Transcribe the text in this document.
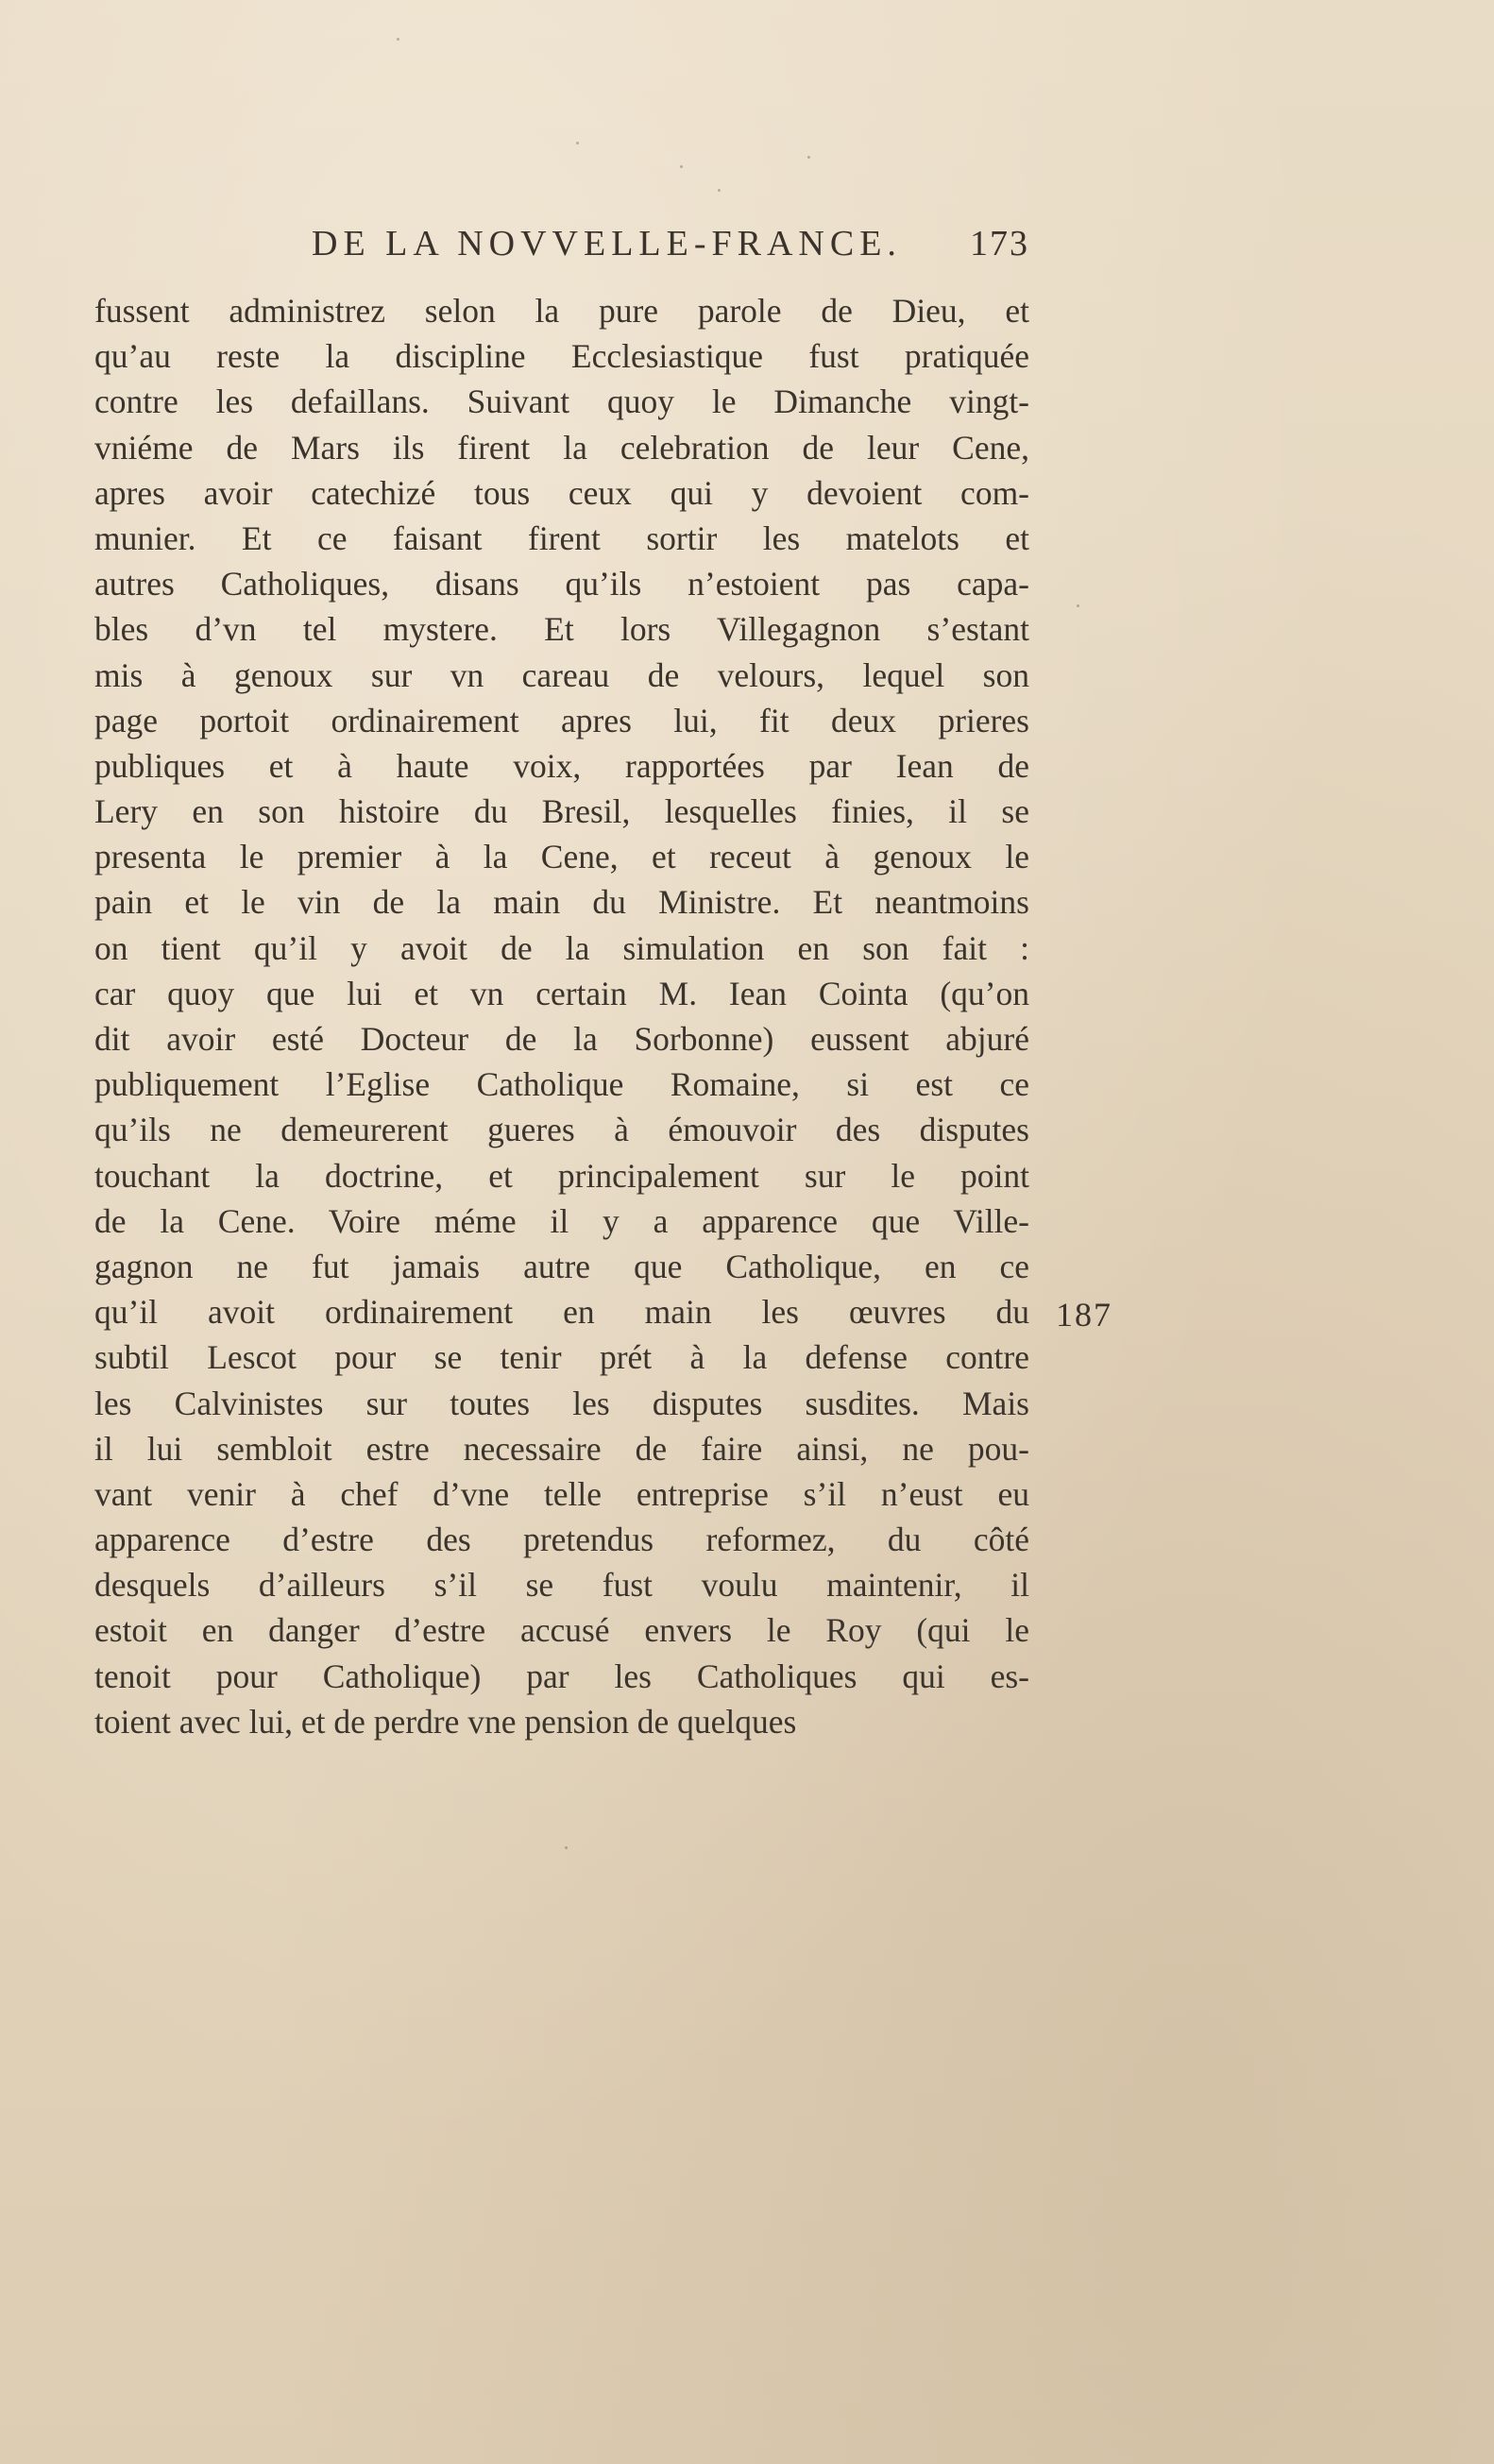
DE LA NOVVELLE-FRANCE. 173
fussent administrez selon la pure parole de Dieu, et
qu’au reste la discipline Ecclesiastique fust pratiquée
contre les defaillans. Suivant quoy le Dimanche vingt-
vniéme de Mars ils firent la celebration de leur Cene,
apres avoir catechizé tous ceux qui y devoient com-
munier. Et ce faisant firent sortir les matelots et
autres Catholiques, disans qu’ils n’estoient pas capa-
bles d’vn tel mystere. Et lors Villegagnon s’estant
mis à genoux sur vn careau de velours, lequel son
page portoit ordinairement apres lui, fit deux prieres
publiques et à haute voix, rapportées par Iean de
Lery en son histoire du Bresil, lesquelles finies, il se
presenta le premier à la Cene, et receut à genoux le
pain et le vin de la main du Ministre. Et neantmoins
on tient qu’il y avoit de la simulation en son fait :
car quoy que lui et vn certain M. Iean Cointa (qu’on
dit avoir esté Docteur de la Sorbonne) eussent abjuré
publiquement l’Eglise Catholique Romaine, si est ce
qu’ils ne demeurerent gueres à émouvoir des disputes
touchant la doctrine, et principalement sur le point
de la Cene. Voire méme il y a apparence que Ville-
gagnon ne fut jamais autre que Catholique, en ce
qu’il avoit ordinairement en main les œuvres du
subtil Lescot pour se tenir prét à la defense contre
les Calvinistes sur toutes les disputes susdites. Mais
il lui sembloit estre necessaire de faire ainsi, ne pou-
vant venir à chef d’vne telle entreprise s’il n’eust eu
apparence d’estre des pretendus reformez, du côté
desquels d’ailleurs s’il se fust voulu maintenir, il
estoit en danger d’estre accusé envers le Roy (qui le
tenoit pour Catholique) par les Catholiques qui es-
toient avec lui, et de perdre vne pension de quelques
187
